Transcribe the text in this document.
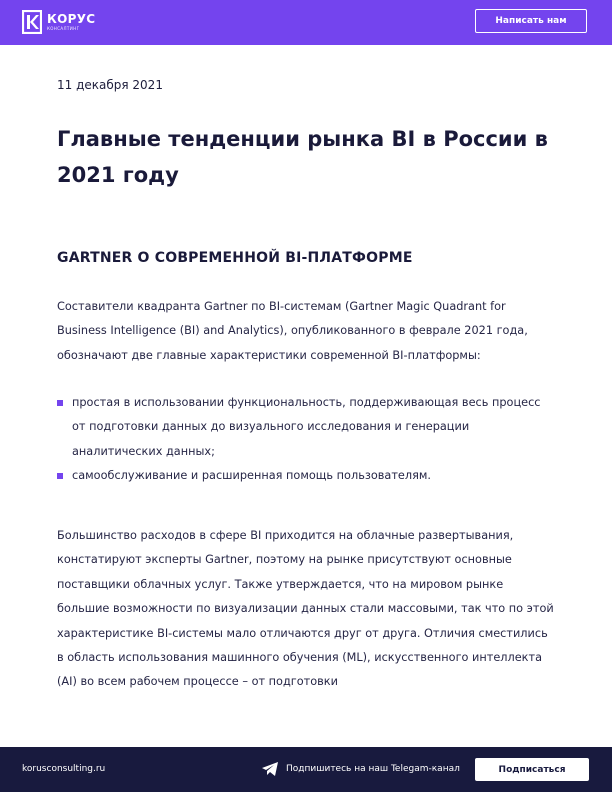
КОРУС
КОНСАЛТИНГ
Написать нам
11 декабря 2021
Главные тенденции рынка BI в России в 2021 году
GARTNER О СОВРЕМЕННОЙ BI-ПЛАТФОРМЕ

Составители квадранта Gartner по BI-системам (Gartner Magic Quadrant for Business Intelligence (BI) and Analytics), опубликованного в феврале 2021 года, обозначают две главные характеристики современной BI-платформы:

простая в использовании функциональность, поддерживающая весь процесс от подготовки данных до визуального исследования и генерации аналитических данных;
самообслуживание и расширенная помощь пользователям.

Большинство расходов в сфере BI приходится на облачные развертывания, констатируют эксперты Gartner, поэтому на рынке присутствуют основные поставщики облачных услуг. Также утверждается, что на мировом рынке большие возможности по визуализации данных стали массовыми, так что по этой характеристике BI-системы мало отличаются друг от друга. Отличия сместились в область использования машинного обучения (ML), искусственного интеллекта (AI) во всем рабочем процессе – от подготовки

korusconsulting.ru	Подпишитесь на наш Telegam-канал	Подписаться
